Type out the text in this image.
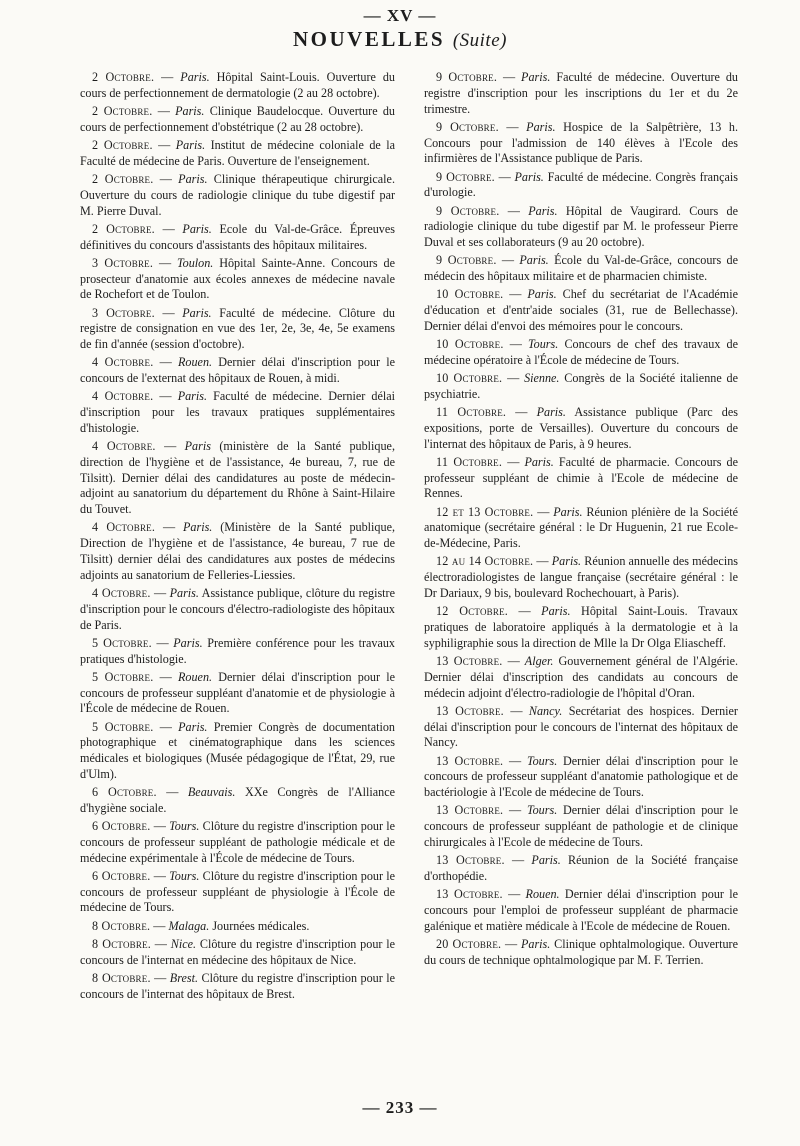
— XV —
NOUVELLES (Suite)

2 Octobre. — Paris. Hôpital Saint-Louis. Ouverture du cours de perfectionnement de dermatologie (2 au 28 octobre).

2 Octobre. — Paris. Clinique Baudelocque. Ouverture du cours de perfectionnement d'obstétrique (2 au 28 octobre).

2 Octobre. — Paris. Institut de médecine coloniale de la Faculté de médecine de Paris. Ouverture de l'enseignement.

2 Octobre. — Paris. Clinique thérapeutique chirurgicale. Ouverture du cours de radiologie clinique du tube digestif par M. Pierre Duval.

2 Octobre. — Paris. Ecole du Val-de-Grâce. Épreuves définitives du concours d'assistants des hôpitaux militaires.

3 Octobre. — Toulon. Hôpital Sainte-Anne. Concours de prosecteur d'anatomie aux écoles annexes de médecine navale de Rochefort et de Toulon.

3 Octobre. — Paris. Faculté de médecine. Clôture du registre de consignation en vue des 1er, 2e, 3e, 4e, 5e examens de fin d'année (session d'octobre).

4 Octobre. — Rouen. Dernier délai d'inscription pour le concours de l'externat des hôpitaux de Rouen, à midi.

4 Octobre. — Paris. Faculté de médecine. Dernier délai d'inscription pour les travaux pratiques supplémentaires d'histologie.

4 Octobre. — Paris (ministère de la Santé publique, direction de l'hygiène et de l'assistance, 4e bureau, 7, rue de Tilsitt). Dernier délai des candidatures au poste de médecin-adjoint au sanatorium du département du Rhône à Saint-Hilaire du Touvet.

4 Octobre. — Paris. (Ministère de la Santé publique, Direction de l'hygiène et de l'assistance, 4e bureau, 7 rue de Tilsitt) dernier délai des candidatures aux postes de médecins adjoints au sanatorium de Felleries-Liessies.

4 Octobre. — Paris. Assistance publique, clôture du registre d'inscription pour le concours d'électro-radiologiste des hôpitaux de Paris.

5 Octobre. — Paris. Première conférence pour les travaux pratiques d'histologie.

5 Octobre. — Rouen. Dernier délai d'inscription pour le concours de professeur suppléant d'anatomie et de physiologie à l'École de médecine de Rouen.

5 Octobre. — Paris. Premier Congrès de documentation photographique et cinématographique dans les sciences médicales et biologiques (Musée pédagogique de l'État, 29, rue d'Ulm).

6 Octobre. — Beauvais. XXe Congrès de l'Alliance d'hygiène sociale.

6 Octobre. — Tours. Clôture du registre d'inscription pour le concours de professeur suppléant de pathologie médicale et de médecine expérimentale à l'École de médecine de Tours.

6 Octobre. — Tours. Clôture du registre d'inscription pour le concours de professeur suppléant de physiologie à l'École de médecine de Tours.

8 Octobre. — Malaga. Journées médicales.

8 Octobre. — Nice. Clôture du registre d'inscription pour le concours de l'internat en médecine des hôpitaux de Nice.

8 Octobre. — Brest. Clôture du registre d'inscription pour le concours de l'internat des hôpitaux de Brest.

9 Octobre. — Paris. Faculté de médecine. Ouverture du registre d'inscription pour les inscriptions du 1er et du 2e trimestre.

9 Octobre. — Paris. Hospice de la Salpêtrière, 13 h. Concours pour l'admission de 140 élèves à l'Ecole des infirmières de l'Assistance publique de Paris.

9 Octobre. — Paris. Faculté de médecine. Congrès français d'urologie.

9 Octobre. — Paris. Hôpital de Vaugirard. Cours de radiologie clinique du tube digestif par M. le professeur Pierre Duval et ses collaborateurs (9 au 20 octobre).

9 Octobre. — Paris. École du Val-de-Grâce, concours de médecin des hôpitaux militaire et de pharmacien chimiste.

10 Octobre. — Paris. Chef du secrétariat de l'Académie d'éducation et d'entr'aide sociales (31, rue de Bellechasse). Dernier délai d'envoi des mémoires pour le concours.

10 Octobre. — Tours. Concours de chef des travaux de médecine opératoire à l'École de médecine de Tours.

10 Octobre. — Sienne. Congrès de la Société italienne de psychiatrie.

11 Octobre. — Paris. Assistance publique (Parc des expositions, porte de Versailles). Ouverture du concours de l'internat des hôpitaux de Paris, à 9 heures.

11 Octobre. — Paris. Faculté de pharmacie. Concours de professeur suppléant de chimie à l'Ecole de médecine de Rennes.

12 et 13 Octobre. — Paris. Réunion plénière de la Société anatomique (secrétaire général : le Dr Huguenin, 21 rue Ecole-de-Médecine, Paris.

12 au 14 Octobre. — Paris. Réunion annuelle des médecins électroradiologistes de langue française (secrétaire général : le Dr Dariaux, 9 bis, boulevard Rochechouart, à Paris).

12 Octobre. — Paris. Hôpital Saint-Louis. Travaux pratiques de laboratoire appliqués à la dermatologie et à la syphiligraphie sous la direction de Mlle la Dr Olga Eliascheff.

13 Octobre. — Alger. Gouvernement général de l'Algérie. Dernier délai d'inscription des candidats au concours de médecin adjoint d'électro-radiologie de l'hôpital d'Oran.

13 Octobre. — Nancy. Secrétariat des hospices. Dernier délai d'inscription pour le concours de l'internat des hôpitaux de Nancy.

13 Octobre. — Tours. Dernier délai d'inscription pour le concours de professeur suppléant d'anatomie pathologique et de bactériologie à l'Ecole de médecine de Tours.

13 Octobre. — Tours. Dernier délai d'inscription pour le concours de professeur suppléant de pathologie et de clinique chirurgicales à l'Ecole de médecine de Tours.

13 Octobre. — Paris. Réunion de la Société française d'orthopédie.

13 Octobre. — Rouen. Dernier délai d'inscription pour le concours pour l'emploi de professeur suppléant de pharmacie galénique et matière médicale à l'Ecole de médecine de Rouen.

20 Octobre. — Paris. Clinique ophtalmologique. Ouverture du cours de technique ophtalmologique par M. F. Terrien.

— 233 —
